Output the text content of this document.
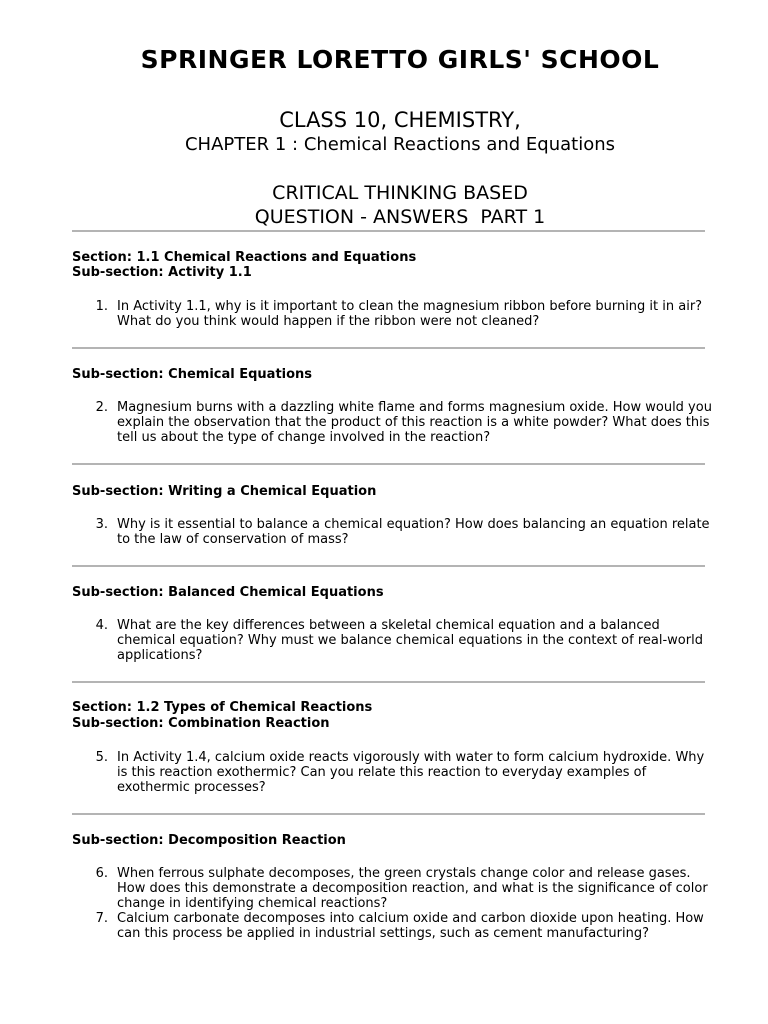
SPRINGER LORETTO GIRLS' SCHOOL
CLASS 10, CHEMISTRY,
CHAPTER 1 : Chemical Reactions and Equations
CRITICAL THINKING BASED
QUESTION - ANSWERS  PART 1
Section: 1.1 Chemical Reactions and Equations
Sub-section: Activity 1.1
1. In Activity 1.1, why is it important to clean the magnesium ribbon before burning it in air? What do you think would happen if the ribbon were not cleaned?
Sub-section: Chemical Equations
2. Magnesium burns with a dazzling white flame and forms magnesium oxide. How would you explain the observation that the product of this reaction is a white powder? What does this tell us about the type of change involved in the reaction?
Sub-section: Writing a Chemical Equation
3. Why is it essential to balance a chemical equation? How does balancing an equation relate to the law of conservation of mass?
Sub-section: Balanced Chemical Equations
4. What are the key differences between a skeletal chemical equation and a balanced chemical equation? Why must we balance chemical equations in the context of real-world applications?
Section: 1.2 Types of Chemical Reactions
Sub-section: Combination Reaction
5. In Activity 1.4, calcium oxide reacts vigorously with water to form calcium hydroxide. Why is this reaction exothermic? Can you relate this reaction to everyday examples of exothermic processes?
Sub-section: Decomposition Reaction
6. When ferrous sulphate decomposes, the green crystals change color and release gases. How does this demonstrate a decomposition reaction, and what is the significance of color change in identifying chemical reactions?
7. Calcium carbonate decomposes into calcium oxide and carbon dioxide upon heating. How can this process be applied in industrial settings, such as cement manufacturing?
